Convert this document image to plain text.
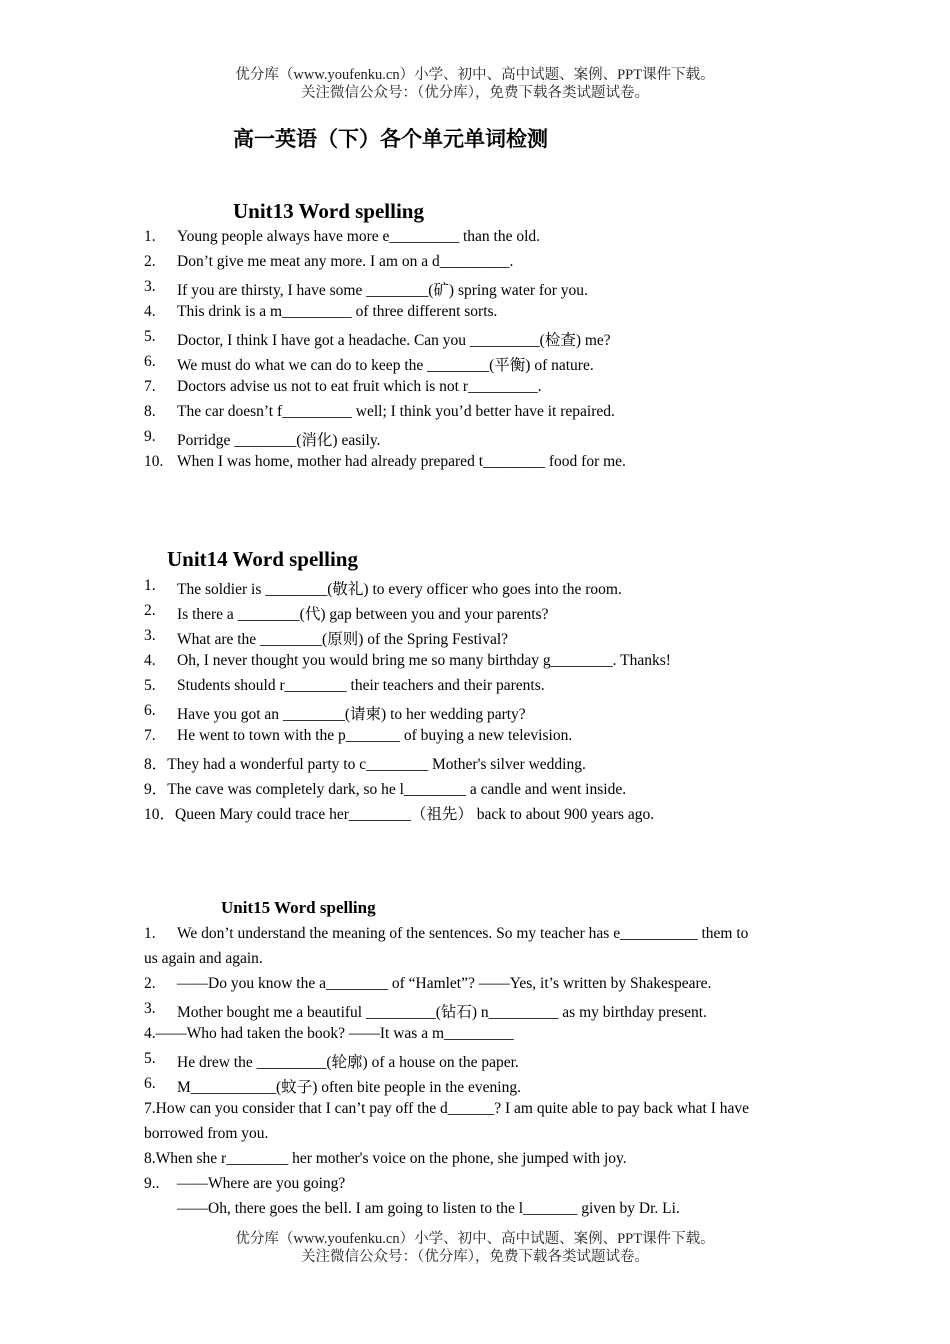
优分库（www.youfenku.cn）小学、初中、高中试题、案例、PPT课件下载。
关注微信公众号：（优分库），免费下载各类试题试卷。
高一英语（下）各个单元单词检测
Unit13 Word spelling
1. Young people always have more e_________ than the old.
2. Don’t give me meat any more. I am on a d_________.
3. If you are thirsty, I have some ________(矿) spring water for you.
4. This drink is a m_________ of three different sorts.
5. Doctor, I think I have got a headache. Can you _________(检查) me?
6. We must do what we can do to keep the ________(平衡) of nature.
7. Doctors advise us not to eat fruit which is not r_________.
8. The car doesn’t f_________ well; I think you’d better have it repaired.
9. Porridge ________(消化) easily.
10. When I was home, mother had already prepared t________ food for me.
Unit14 Word spelling
1. The soldier is ________(敬礼) to every officer who goes into the room.
2. Is there a ________(代) gap between you and your parents?
3. What are the ________(原则) of the Spring Festival?
4. Oh, I never thought you would bring me so many birthday g________. Thanks!
5. Students should r________ their teachers and their parents.
6. Have you got an ________(请柬) to her wedding party?
7. He went to town with the p_______ of buying a new television.
8．They had a wonderful party to c________ Mother's silver wedding.
9．The cave was completely dark, so he l________ a candle and went inside.
10．Queen Mary could trace her________（祖先） back to about 900 years ago.
Unit15 Word spelling
1. We don’t understand the meaning of the sentences. So my teacher has e__________ them to
us again and again.
2. ——Do you know the a________ of “Hamlet”? ——Yes, it’s written by Shakespeare.
3. Mother bought me a beautiful _________(钻石) n_________ as my birthday present.
4.——Who had taken the book? ——It was a m_________
5. He drew the _________(轮廓) of a house on the paper.
6. M___________(蚊子) often bite people in the evening.
7.How can you consider that I can’t pay off the d______? I am quite able to pay back what I have
borrowed from you.
8.When she r________ her mother's voice on the phone, she jumped with joy.
9.. ——Where are you going?
——Oh, there goes the bell. I am going to listen to the l_______ given by Dr. Li.
优分库（www.youfenku.cn）小学、初中、高中试题、案例、PPT课件下载。
关注微信公众号：（优分库），免费下载各类试题试卷。
